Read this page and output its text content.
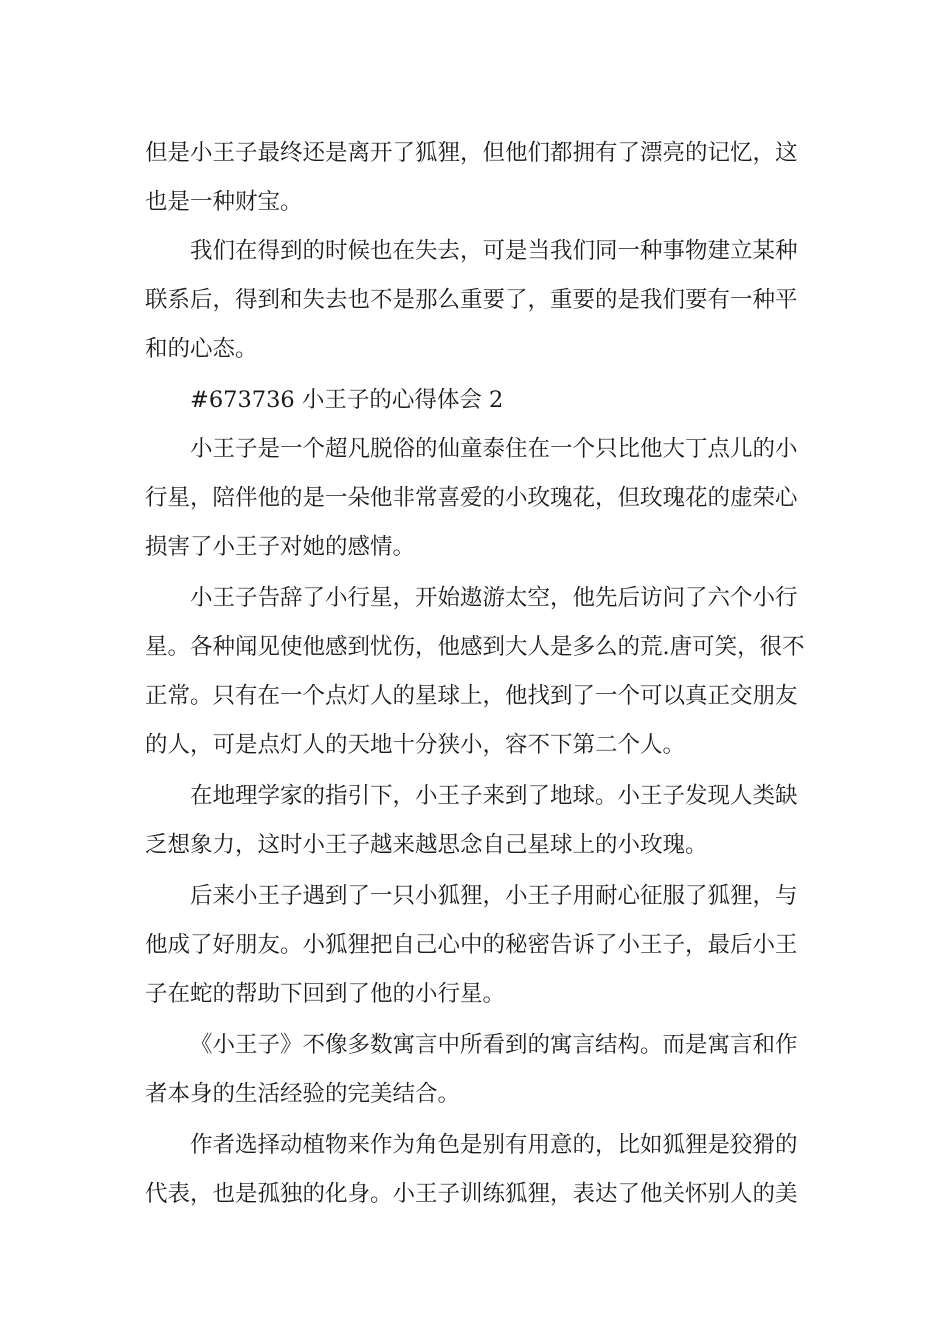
但是小王子最终还是离开了狐狸，但他们都拥有了漂亮的记忆，这
也是一种财宝。
我们在得到的时候也在失去，可是当我们同一种事物建立某种
联系后，得到和失去也不是那么重要了，重要的是我们要有一种平
和的心态。
#673736 小王子的心得体会 2
小王子是一个超凡脱俗的仙童泰住在一个只比他大丁点儿的小
行星，陪伴他的是一朵他非常喜爱的小玫瑰花，但玫瑰花的虚荣心
损害了小王子对她的感情。
小王子告辞了小行星，开始遨游太空，他先后访问了六个小行
星。各种闻见使他感到忧伤，他感到大人是多么的荒.唐可笑，很不
正常。只有在一个点灯人的星球上，他找到了一个可以真正交朋友
的人，可是点灯人的天地十分狭小，容不下第二个人。
在地理学家的指引下，小王子来到了地球。小王子发现人类缺
乏想象力，这时小王子越来越思念自己星球上的小玫瑰。
后来小王子遇到了一只小狐狸，小王子用耐心征服了狐狸，与
他成了好朋友。小狐狸把自己心中的秘密告诉了小王子，最后小王
子在蛇的帮助下回到了他的小行星。
《小王子》不像多数寓言中所看到的寓言结构。而是寓言和作
者本身的生活经验的完美结合。
作者选择动植物来作为角色是别有用意的，比如狐狸是狡猾的
代表，也是孤独的化身。小王子训练狐狸，表达了他关怀别人的美
